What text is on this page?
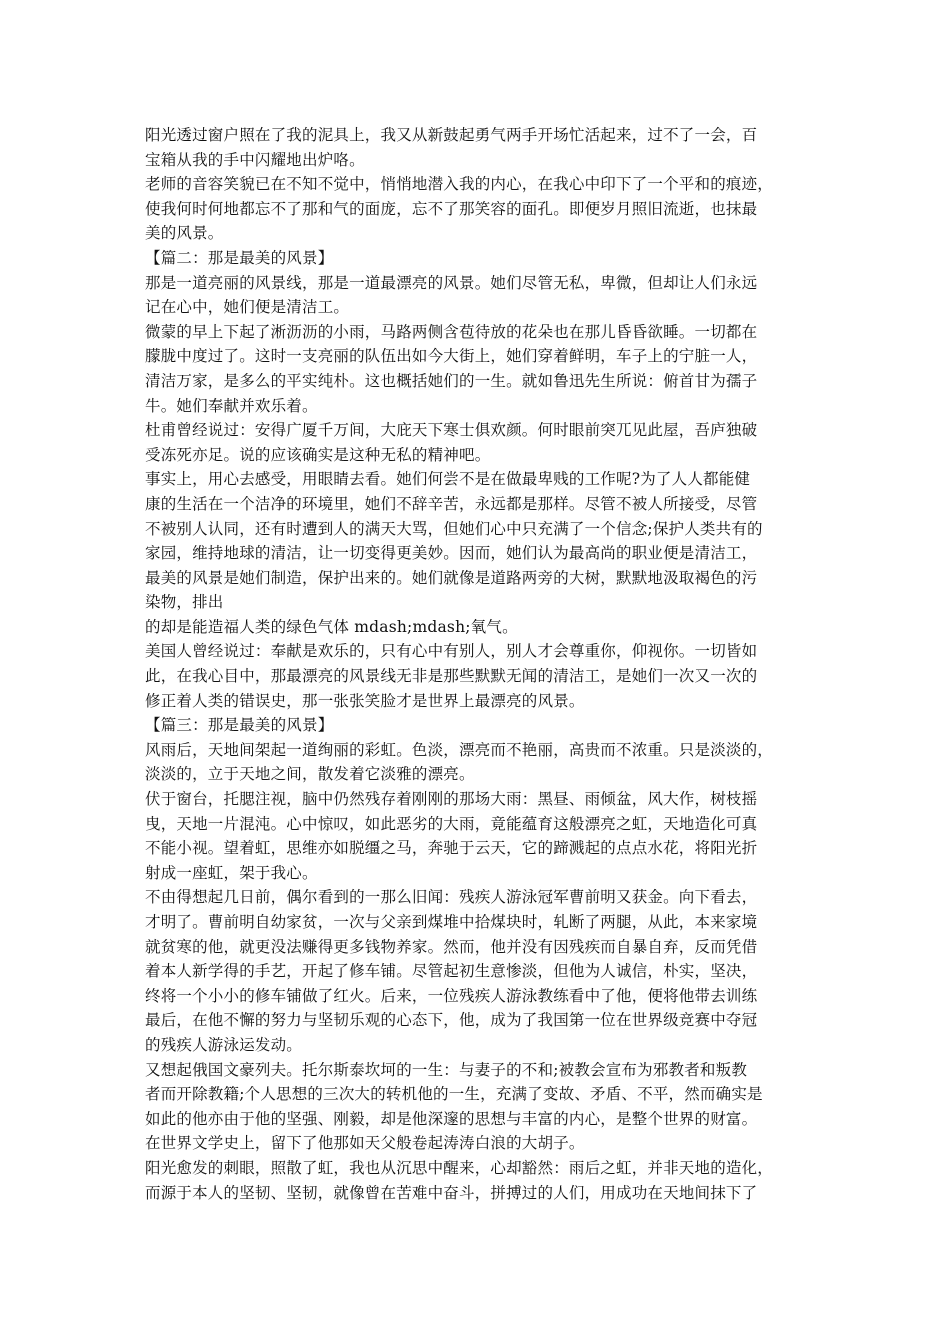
阳光透过窗户照在了我的泥具上，我又从新鼓起勇气两手开场忙活起来，过不了一会，百
宝箱从我的手中闪耀地出炉咯。
老师的音容笑貌已在不知不觉中，悄悄地潜入我的内心，在我心中印下了一个平和的痕迹，
使我何时何地都忘不了那和气的面庞，忘不了那笑容的面孔。即便岁月照旧流逝，也抹最
美的风景。
【篇二：那是最美的风景】
那是一道亮丽的风景线，那是一道最漂亮的风景。她们尽管无私，卑微，但却让人们永远
记在心中，她们便是清洁工。
微蒙的早上下起了淅沥沥的小雨，马路两侧含苞待放的花朵也在那儿昏昏欲睡。一切都在
朦胧中度过了。这时一支亮丽的队伍出如今大街上，她们穿着鲜明，车子上的宁脏一人，
清洁万家，是多么的平实纯朴。这也概括她们的一生。就如鲁迅先生所说：俯首甘为孺子
牛。她们奉献并欢乐着。
杜甫曾经说过：安得广厦千万间，大庇天下寒士俱欢颜。何时眼前突兀见此屋，吾庐独破
受冻死亦足。说的应该确实是这种无私的精神吧。
事实上，用心去感受，用眼睛去看。她们何尝不是在做最卑贱的工作呢?为了人人都能健
康的生活在一个洁净的环境里，她们不辞辛苦，永远都是那样。尽管不被人所接受，尽管
不被别人认同，还有时遭到人的满天大骂，但她们心中只充满了一个信念;保护人类共有的
家园，维持地球的清洁，让一切变得更美妙。因而，她们认为最高尚的职业便是清洁工，
最美的风景是她们制造，保护出来的。她们就像是道路两旁的大树，默默地汲取褐色的污
染物，排出
的却是能造福人类的绿色气体 mdash;mdash;氧气。
美国人曾经说过：奉献是欢乐的，只有心中有别人，别人才会尊重你，仰视你。一切皆如
此，在我心目中，那最漂亮的风景线无非是那些默默无闻的清洁工，是她们一次又一次的
修正着人类的错误史，那一张张笑脸才是世界上最漂亮的风景。
【篇三：那是最美的风景】
风雨后，天地间架起一道绚丽的彩虹。色淡，漂亮而不艳丽，高贵而不浓重。只是淡淡的，
淡淡的，立于天地之间，散发着它淡雅的漂亮。
伏于窗台，托腮注视，脑中仍然残存着刚刚的那场大雨：黑昼、雨倾盆，风大作，树枝摇
曳，天地一片混沌。心中惊叹，如此恶劣的大雨，竟能蕴育这般漂亮之虹，天地造化可真
不能小视。望着虹，思维亦如脱缰之马，奔驰于云天，它的蹄溅起的点点水花，将阳光折
射成一座虹，架于我心。
不由得想起几日前，偶尔看到的一那么旧闻：残疾人游泳冠军曹前明又获金。向下看去，
才明了。曹前明自幼家贫，一次与父亲到煤堆中拾煤块时，轧断了两腿，从此，本来家境
就贫寒的他，就更没法赚得更多钱物养家。然而，他并没有因残疾而自暴自弃，反而凭借
着本人新学得的手艺，开起了修车铺。尽管起初生意惨淡，但他为人诚信，朴实，坚决，
终将一个小小的修车铺做了红火。后来，一位残疾人游泳教练看中了他，便将他带去训练
最后，在他不懈的努力与坚韧乐观的心态下，他，成为了我国第一位在世界级竞赛中夺冠
的残疾人游泳运发动。
又想起俄国文豪列夫。托尔斯泰坎坷的一生：与妻子的不和;被教会宣布为邪教者和叛教
者而开除教籍;个人思想的三次大的转机他的一生，充满了变故、矛盾、不平，然而确实是
如此的他亦由于他的坚强、刚毅，却是他深邃的思想与丰富的内心，是整个世界的财富。
在世界文学史上，留下了他那如天父般卷起涛涛白浪的大胡子。
阳光愈发的刺眼，照散了虹，我也从沉思中醒来，心却豁然：雨后之虹，并非天地的造化，
而源于本人的坚韧、坚韧，就像曾在苦难中奋斗，拼搏过的人们，用成功在天地间抹下了
